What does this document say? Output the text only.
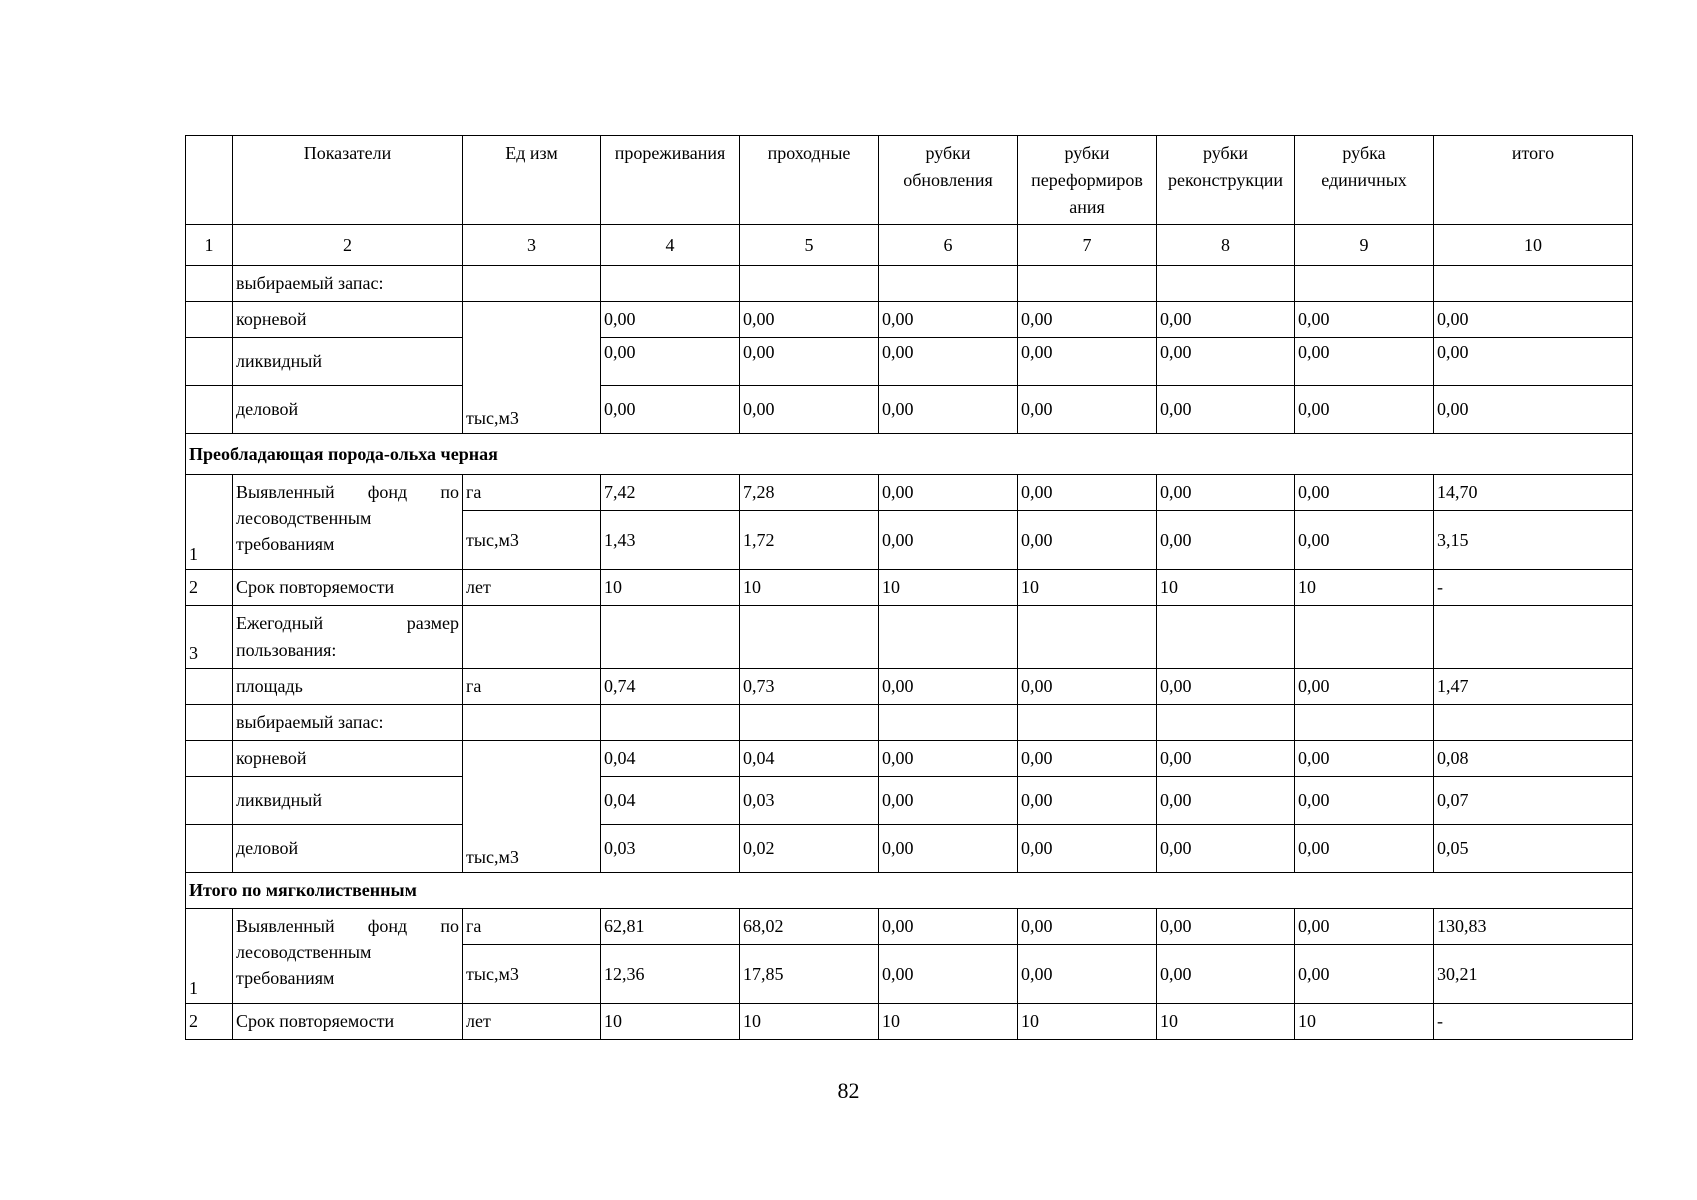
	Показатели	Ед изм	прореживания	проходные	рубки обновления	рубки переформиров ания	рубки реконструкции	рубка единичных	итого
1	2	3	4	5	6	7	8	9	10
	выбираемый запас:								
	корневой	тыс,м3	0,00	0,00	0,00	0,00	0,00	0,00	0,00
	ликвидный		0,00	0,00	0,00	0,00	0,00	0,00	0,00
	деловой		0,00	0,00	0,00	0,00	0,00	0,00	0,00
Преобладающая порода-ольха черная									
1	Выявленный фонд по
лесоводственным
требованиям	га	7,42	7,28	0,00	0,00	0,00	0,00	14,70
		тыс,м3	1,43	1,72	0,00	0,00	0,00	0,00	3,15
2	Срок повторяемости	лет	10	10	10	10	10	10	-
3	Ежегодный размер
пользования:								

	площадь	га	0,74	0,73	0,00	0,00	0,00	0,00	1,47
	выбираемый запас:								
	корневой	тыс,м3	0,04	0,04	0,00	0,00	0,00	0,00	0,08
	ликвидный		0,04	0,03	0,00	0,00	0,00	0,00	0,07
	деловой		0,03	0,02	0,00	0,00	0,00	0,00	0,05
Итого по мягколиственным									
1	Выявленный фонд по
лесоводственным
требованиям	га	62,81	68,02	0,00	0,00	0,00	0,00	130,83
		тыс,м3	12,36	17,85	0,00	0,00	0,00	0,00	30,21
2	Срок повторяемости	лет	10	10	10	10	10	10	-
82
